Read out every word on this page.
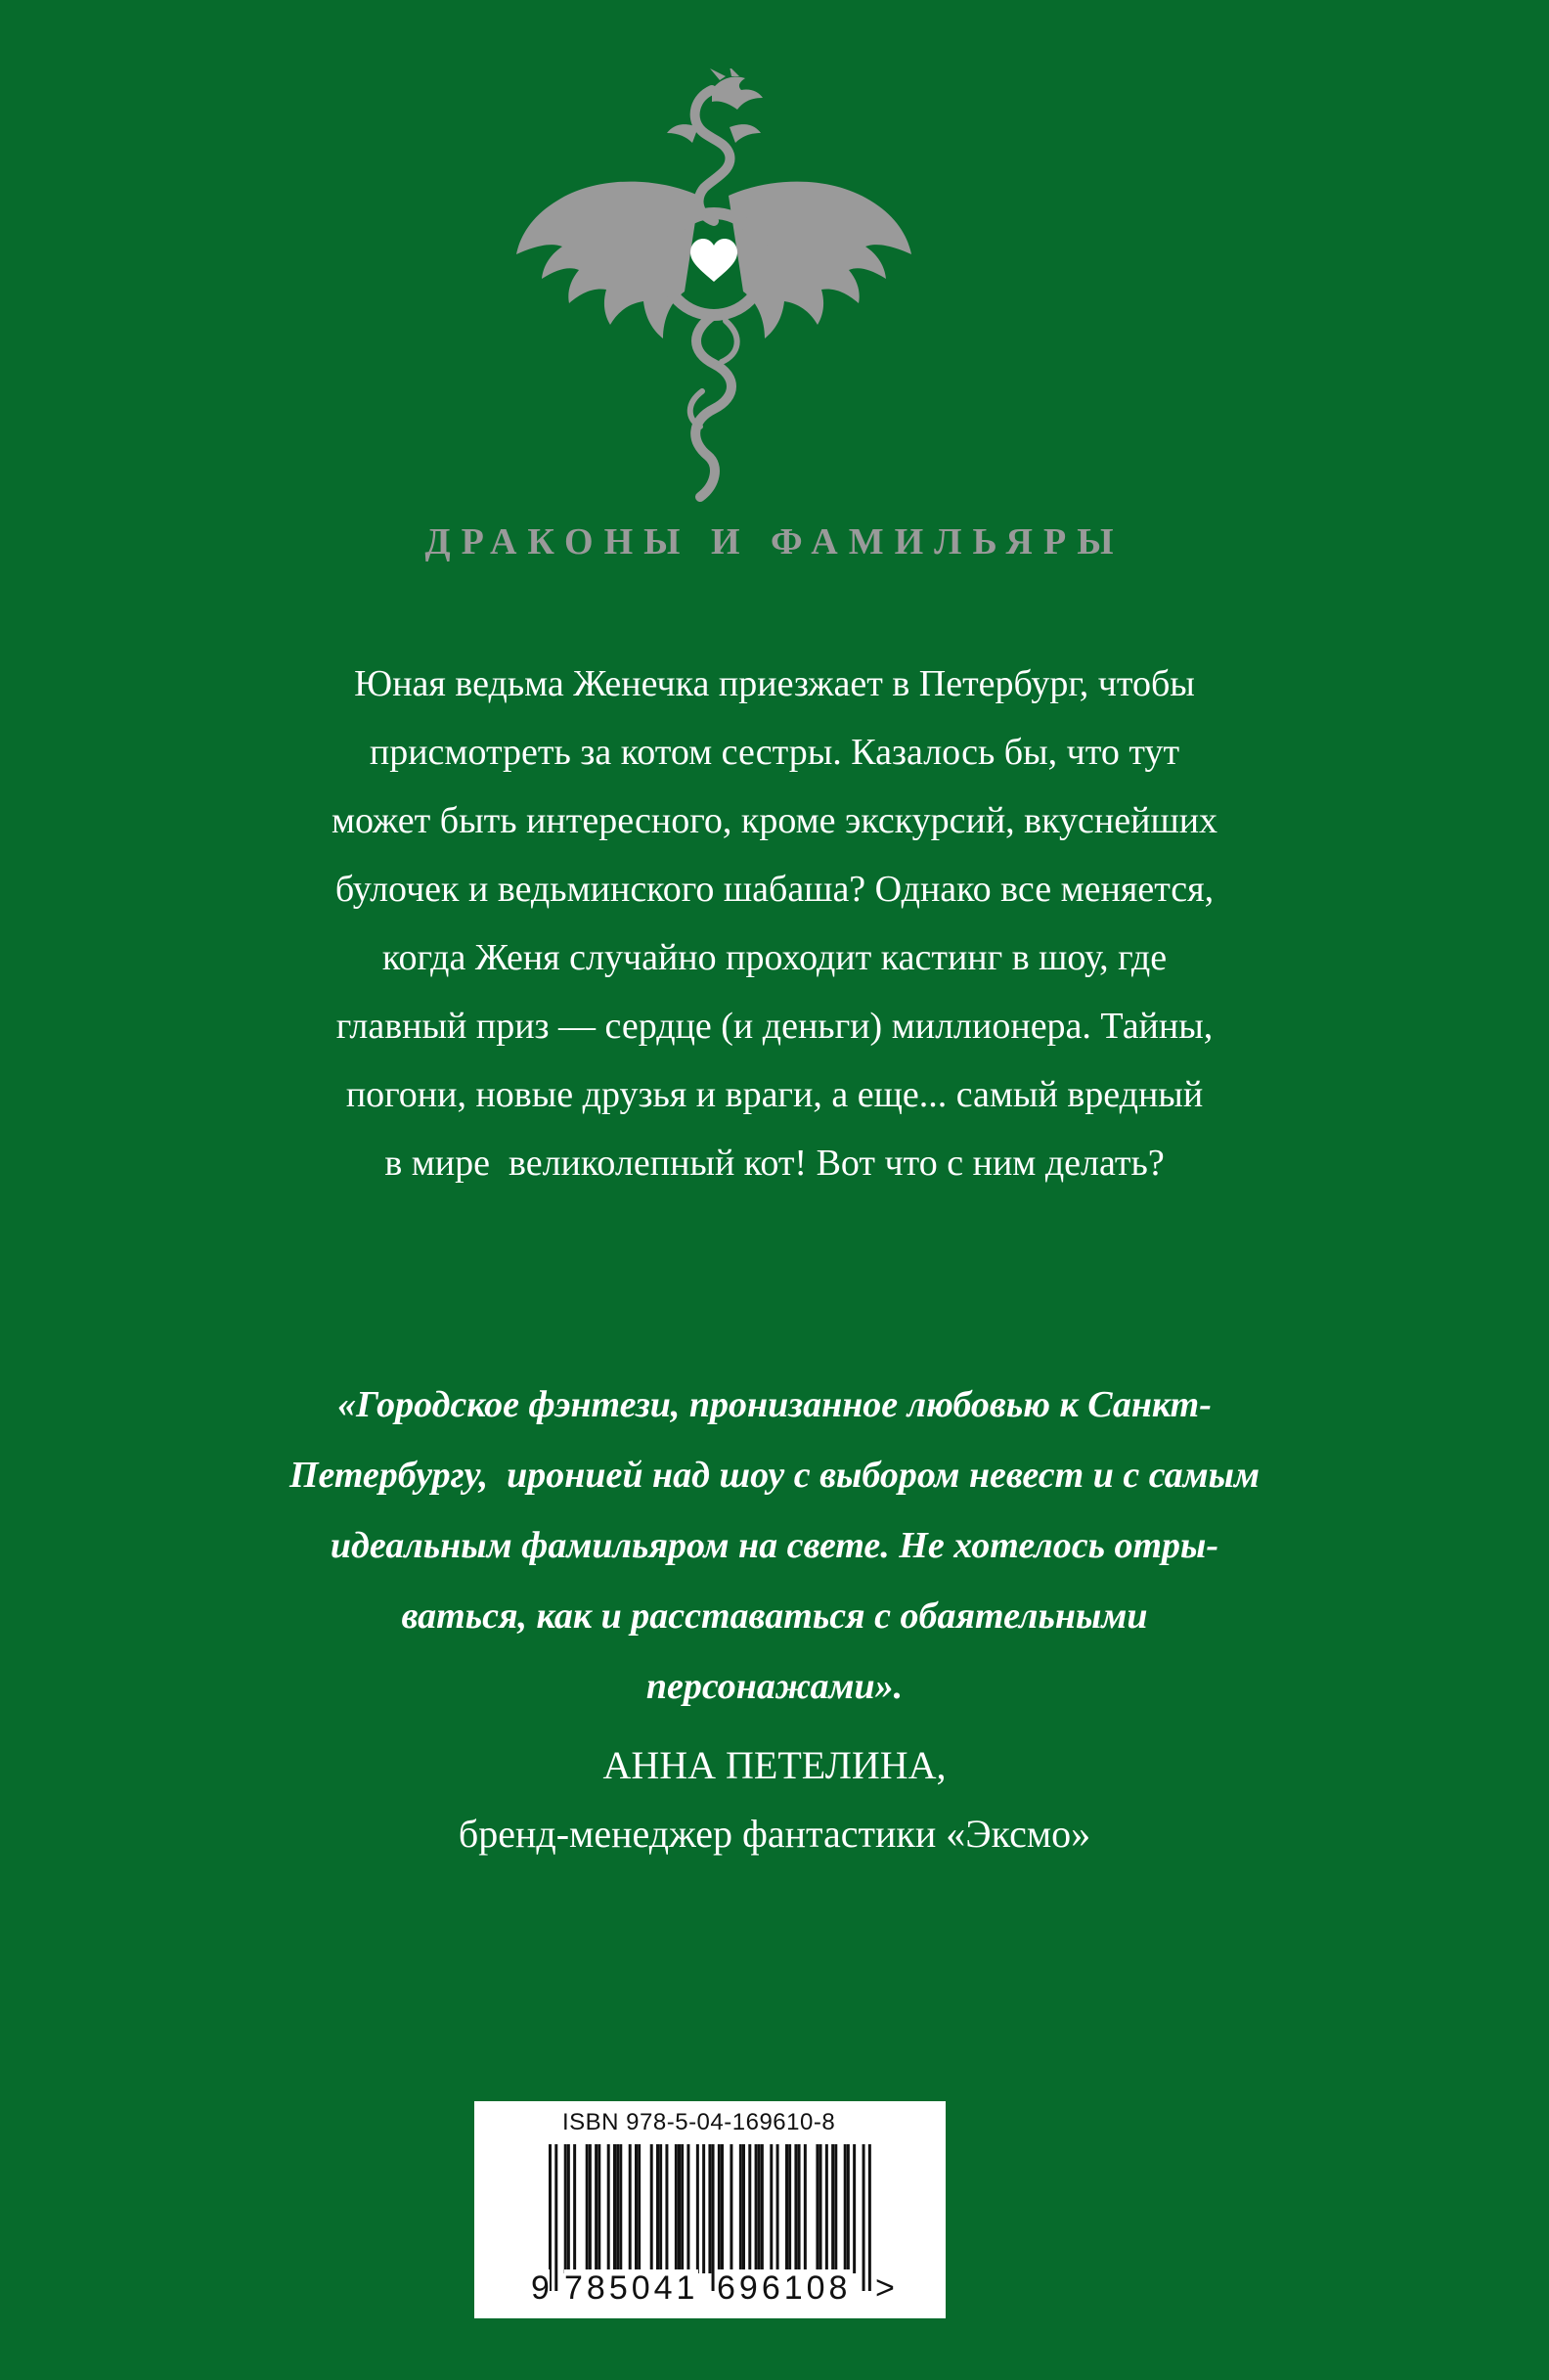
ДРАКОНЫ И ФАМИЛЬЯРЫ
Юная ведьма Женечка приезжает в Петербург, чтобы
присмотреть за котом сестры. Казалось бы, что тут
может быть интересного, кроме экскурсий, вкуснейших
булочек и ведьминского шабаша? Однако все меняется,
когда Женя случайно проходит кастинг в шоу, где
главный приз — сердце (и деньги) миллионера. Тайны,
погони, новые друзья и враги, а еще... самый вредный
в мире  великолепный кот! Вот что с ним делать?
«Городское фэнтези, пронизанное любовью к Санкт-
Петербургу,  иронией над шоу с выбором невест и с самым
идеальным фамильяром на свете. Не хотелось отры-
ваться, как и расставаться с обаятельными
персонажами».
АННА ПЕТЕЛИНА,
бренд-менеджер фантастики «Эксмо»
ISBN 978-5-04-169610-8
9 785041 696108 >
